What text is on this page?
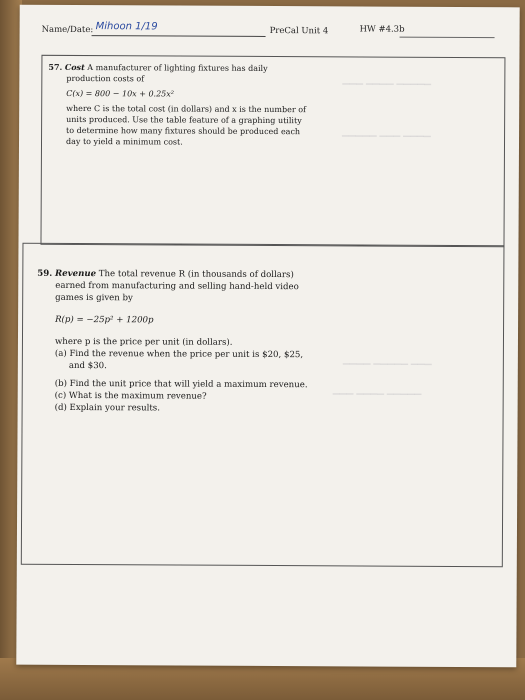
Name/Date: Mihoon 1/19	PreCal Unit 4	HW #4.3b
57. Cost A manufacturer of lighting fixtures has daily
production costs of
C(x) = 800 − 10x + 0.25x²
where C is the total cost (in dollars) and x is the number of
units produced. Use the table feature of a graphing utility
to determine how many fixtures should be produced each
day to yield a minimum cost.
▁▁▁ ▁▁▁▁ ▁▁▁▁▁
▁▁▁▁▁ ▁▁▁ ▁▁▁▁
59. Revenue The total revenue R (in thousands of dollars)
earned from manufacturing and selling hand-held video
games is given by
R(p) = −25p² + 1200p
where p is the price per unit (in dollars).
(a) Find the revenue when the price per unit is $20, $25,
and $30.
(b) Find the unit price that will yield a maximum revenue.
(c) What is the maximum revenue?
(d) Explain your results.
▁▁▁▁ ▁▁▁▁▁ ▁▁▁
▁▁▁ ▁▁▁▁ ▁▁▁▁▁
